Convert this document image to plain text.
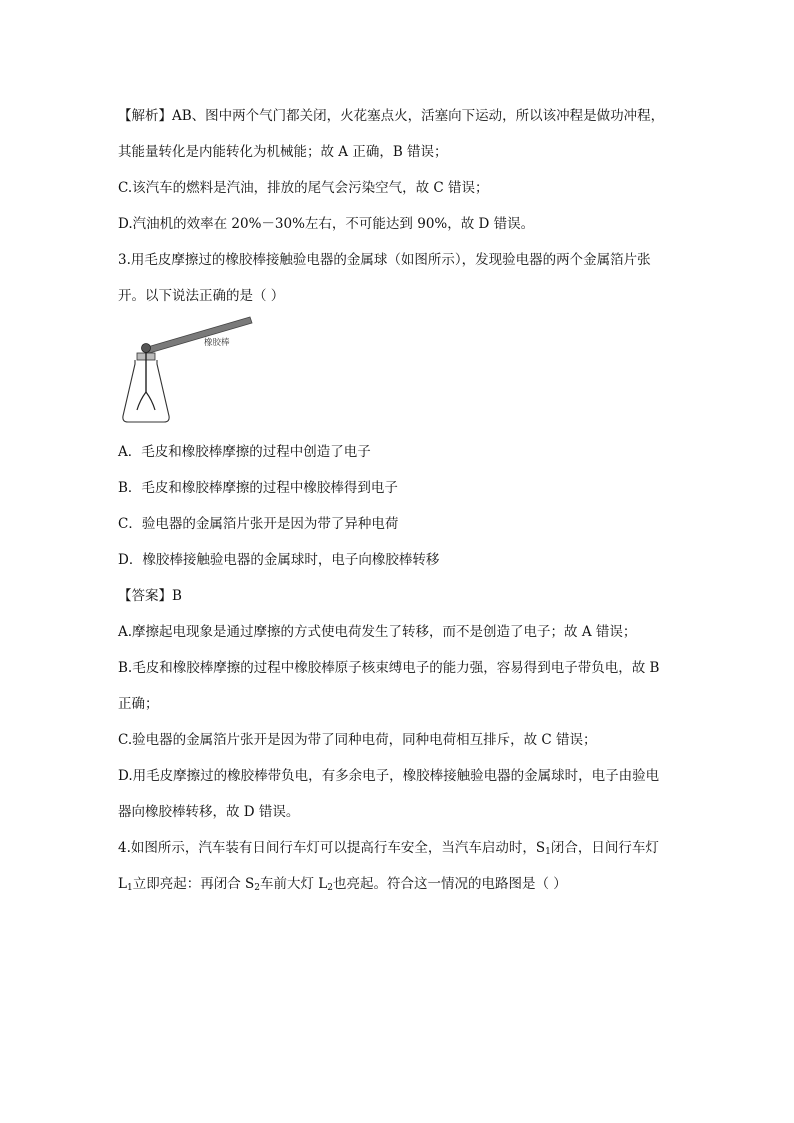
【解析】AB、图中两个气门都关闭，火花塞点火，活塞向下运动，所以该冲程是做功冲程，
其能量转化是内能转化为机械能；故 A 正确，B 错误；
C.该汽车的燃料是汽油，排放的尾气会污染空气，故 C 错误；
D.汽油机的效率在 20%－30%左右，不可能达到 90%，故 D 错误。
3.用毛皮摩擦过的橡胶棒接触验电器的金属球（如图所示），发现验电器的两个金属箔片张
开。以下说法正确的是（ ）
橡胶棒
A．毛皮和橡胶棒摩擦的过程中创造了电子
B．毛皮和橡胶棒摩擦的过程中橡胶棒得到电子
C．验电器的金属箔片张开是因为带了异种电荷
D．橡胶棒接触验电器的金属球时，电子向橡胶棒转移
【答案】B
A.摩擦起电现象是通过摩擦的方式使电荷发生了转移，而不是创造了电子；故 A 错误；
B.毛皮和橡胶棒摩擦的过程中橡胶棒原子核束缚电子的能力强，容易得到电子带负电，故 B
正确；
C.验电器的金属箔片张开是因为带了同种电荷，同种电荷相互排斥，故 C 错误；
D.用毛皮摩擦过的橡胶棒带负电，有多余电子，橡胶棒接触验电器的金属球时，电子由验电
器向橡胶棒转移，故 D 错误。
4.如图所示，汽车装有日间行车灯可以提高行车安全，当汽车启动时，$S_1$闭合，日间行车灯
$L_1$立即亮起：再闭合 $S_2$车前大灯 $L_2$也亮起。符合这一情况的电路图是（ ）
